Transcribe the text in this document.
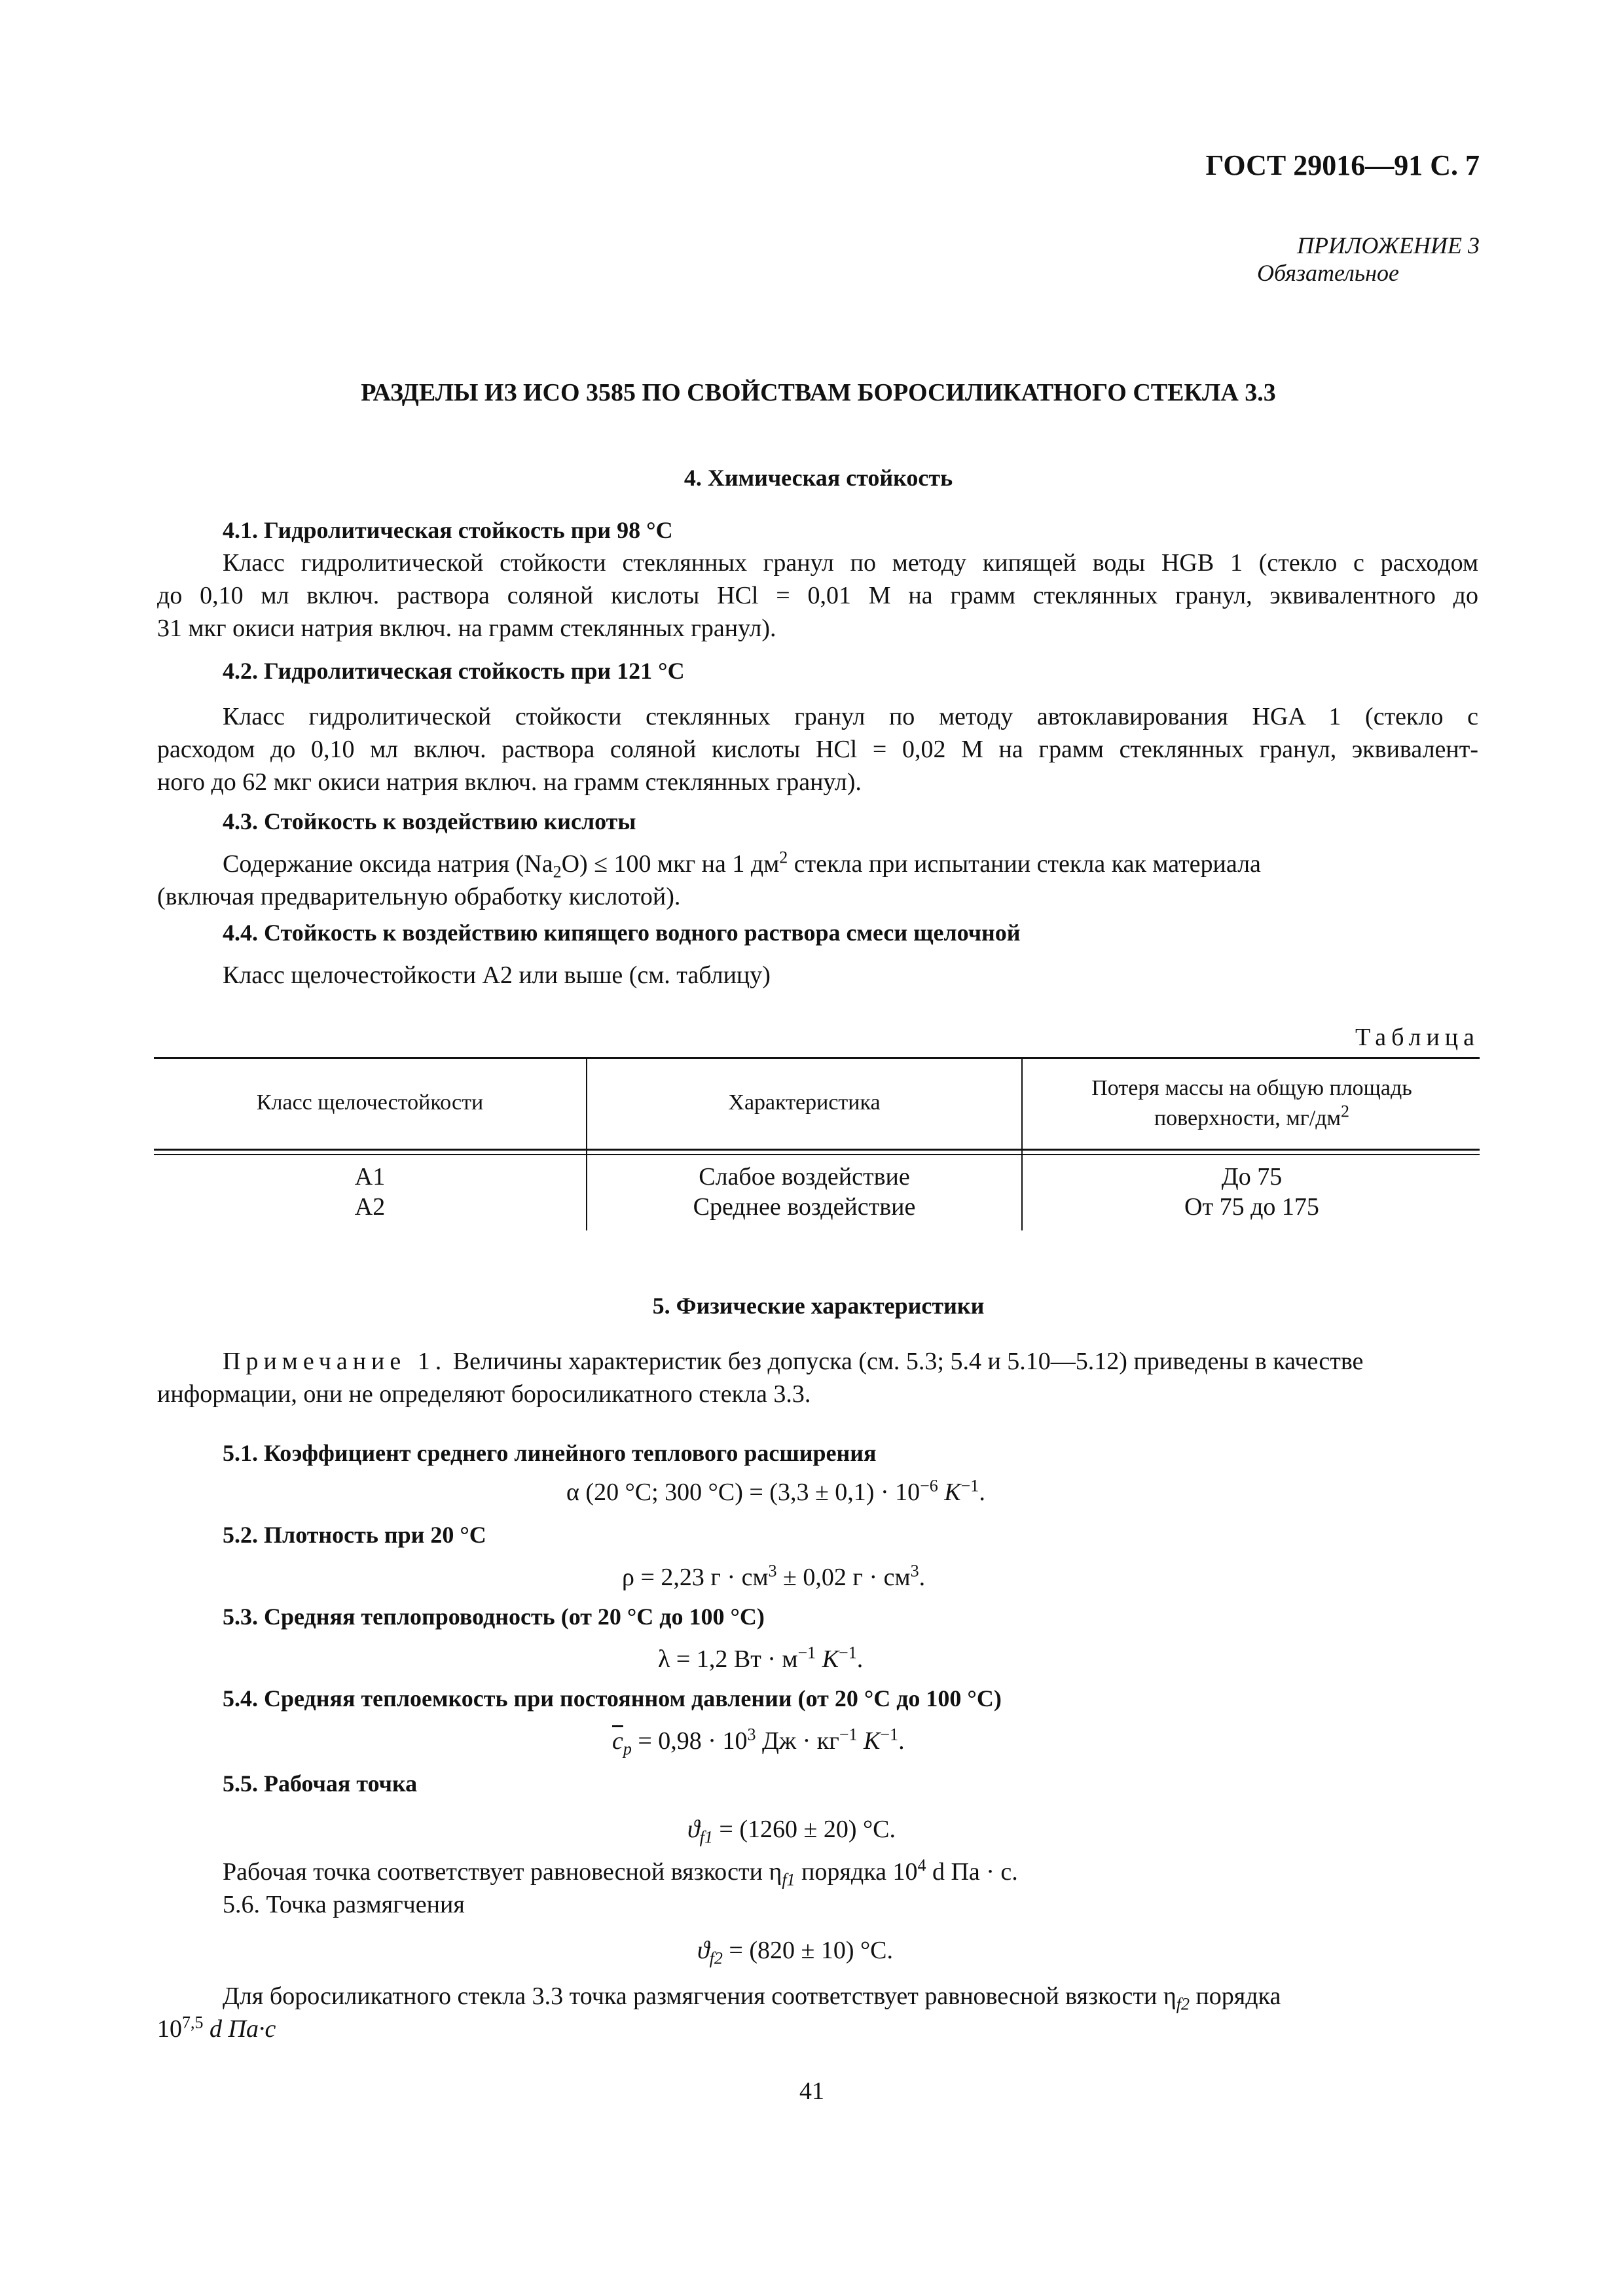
ГОСТ 29016—91 С. 7
ПРИЛОЖЕНИЕ 3
Обязательное
РАЗДЕЛЫ ИЗ ИСО 3585 ПО СВОЙСТВАМ БОРОСИЛИКАТНОГО СТЕКЛА 3.3
4. Химическая стойкость
4.1. Гидролитическая стойкость при 98 °С
Класс гидролитической стойкости стеклянных гранул по методу кипящей воды HGB 1 (стекло с расходом
до 0,10 мл включ. раствора соляной кислоты HCl = 0,01 М на грамм стеклянных гранул, эквивалентного до
31 мкг окиси натрия включ. на грамм стеклянных гранул).
4.2. Гидролитическая стойкость при 121 °С
Класс гидролитической стойкости стеклянных гранул по методу автоклавирования HGA 1 (стекло с
расходом до 0,10 мл включ. раствора соляной кислоты HCl = 0,02 М на грамм стеклянных гранул, эквивалент-
ного до 62 мкг окиси натрия включ. на грамм стеклянных гранул).
4.3. Стойкость к воздействию кислоты
Содержание оксида натрия $(Na_2O) \le 100$ мкг на 1 $дм^2$ стекла при испытании стекла как материала
(включая предварительную обработку кислотой).
4.4. Стойкость к воздействию кипящего водного раствора смеси щелочной
Класс щелочестойкости А2 или выше (см. таблицу)
Таблица
Класс щелочестойкости	Характеристика
Потеря массы на общую площадь
поверхности, $мг/дм^2$
А1
А2
Слабое воздействие
Среднее воздействие
До 75
От 75 до 175
5. Физические характеристики
Примечание 1. Величины характеристик без допуска (см. 5.3; 5.4 и 5.10—5.12) приведены в качестве
информации, они не определяют боросиликатного стекла 3.3.
5.1. Коэффициент среднего линейного теплового расширения
α (20 °С; 300 $^\circ С) = (3,3 \pm 0,1) \cdot 10^{-6}$ $K^{-1}$.
5.2. Плотность при 20 °С
ρ = 2,23 $г \cdot см^3 \pm 0,02$ $г \cdot см^3$.
5.3. Средняя теплопроводность (от 20 °С до 100 °С)
λ = 1,2 Вт · $м^{-1}$ $K^{-1}$.
5.4. Средняя теплоемкость при постоянном давлении (от 20 °С до 100 °С)
$\overline{c}_p = 0,98 \cdot 10^3$ Дж · $кг^{-1}$ $K^{-1}$.
5.5. Рабочая точка
$ϑ_{f1} = (1260 \pm 20)$ °С.
Рабочая точка соответствует равновесной вязкости $\eta_{f1}$ порядка $10^4$ d Па · с.
5.6. Точка размягчения
$ϑ_{f2} = (820 \pm 10)$ °С.
Для боросиликатного стекла 3.3 точка размягчения соответствует равновесной вязкости $\eta_{f2}$ порядка
10$^{7,5}$ d Па·с
41
